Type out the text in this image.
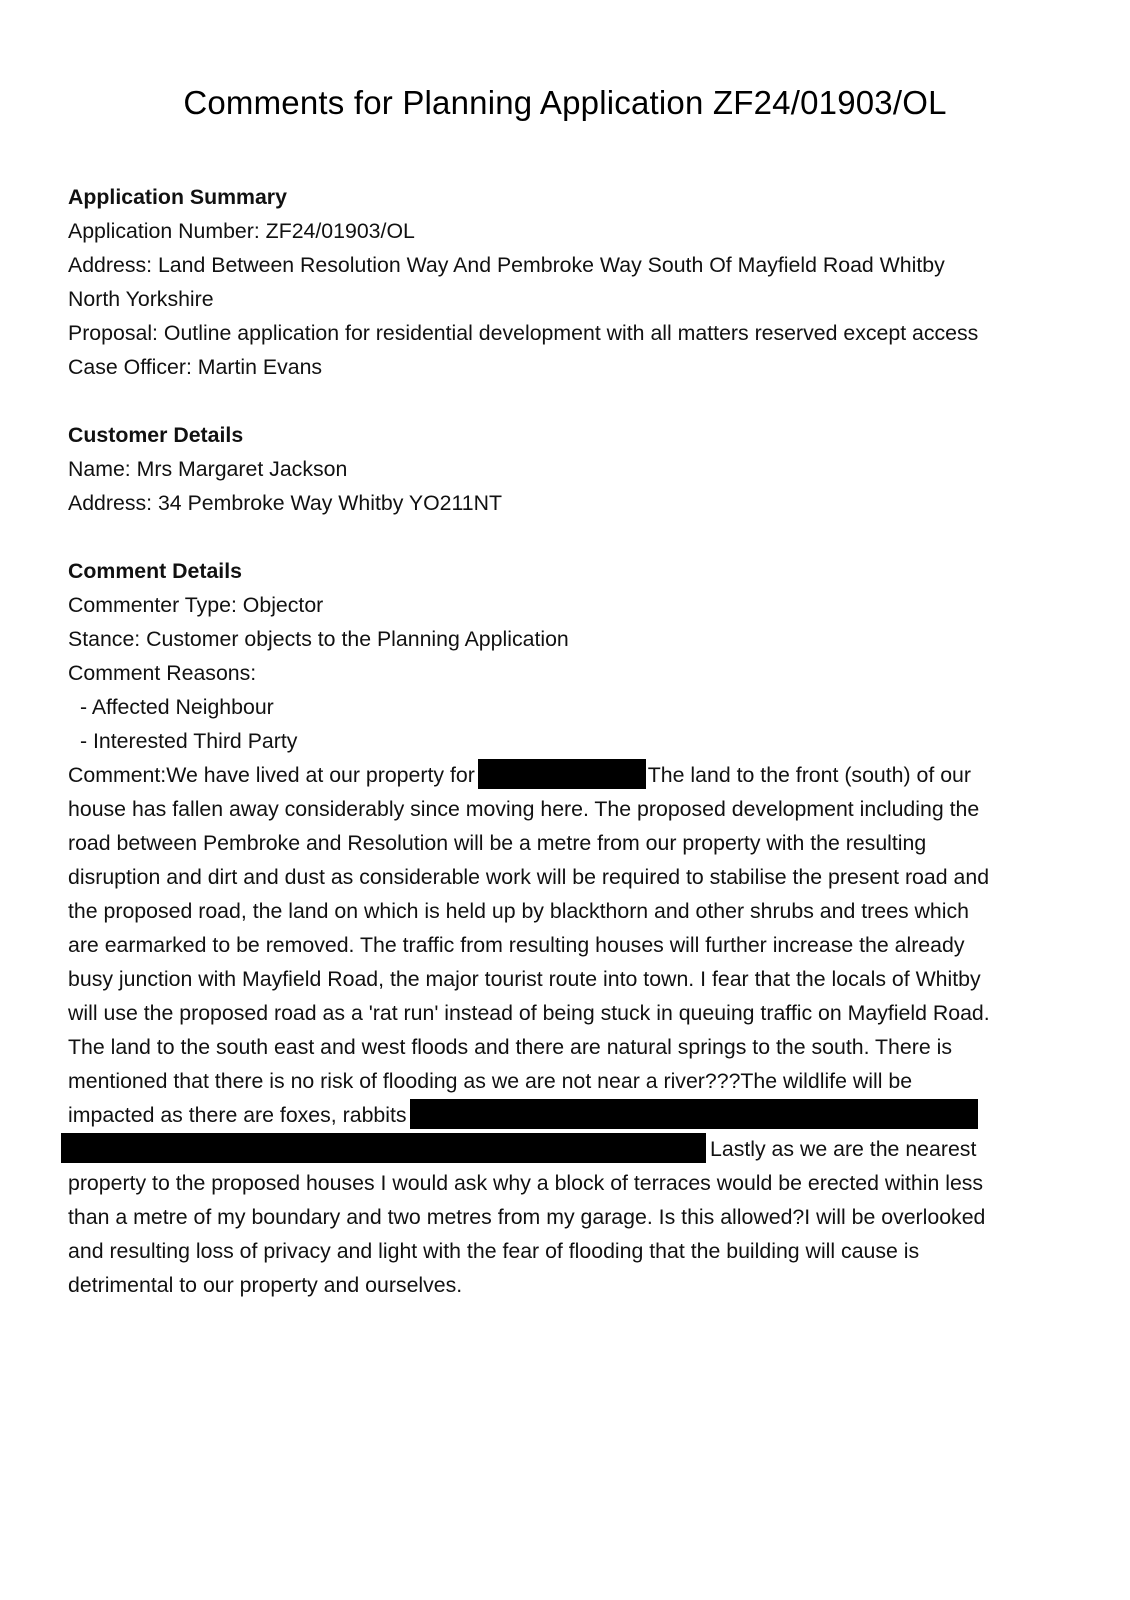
Comments for Planning Application ZF24/01903/OL

Application Summary

Application Number: ZF24/01903/OL

Address: Land Between Resolution Way And Pembroke Way South Of Mayfield Road Whitby

North Yorkshire

Proposal: Outline application for residential development with all matters reserved except access

Case Officer: Martin Evans

Customer Details

Name: Mrs Margaret Jackson

Address: 34 Pembroke Way Whitby YO211NT

Comment Details

Commenter Type: Objector

Stance: Customer objects to the Planning Application

Comment Reasons:

- Affected Neighbour

- Interested Third Party

Comment:We have lived at our property for	The land to the front (south) of our

house has fallen away considerably since moving here. The proposed development including the

road between Pembroke and Resolution will be a metre from our property with the resulting

disruption and dirt and dust as considerable work will be required to stabilise the present road and

the proposed road, the land on which is held up by blackthorn and other shrubs and trees which

are earmarked to be removed. The traffic from resulting houses will further increase the already

busy junction with Mayfield Road, the major tourist route into town. I fear that the locals of Whitby

will use the proposed road as a 'rat run' instead of being stuck in queuing traffic on Mayfield Road.

The land to the south east and west floods and there are natural springs to the south. There is

mentioned that there is no risk of flooding as we are not near a river???The wildlife will be

impacted as there are foxes, rabbits

Lastly as we are the nearest

property to the proposed houses I would ask why a block of terraces would be erected within less

than a metre of my boundary and two metres from my garage. Is this allowed?I will be overlooked

and resulting loss of privacy and light with the fear of flooding that the building will cause is

detrimental to our property and ourselves.
